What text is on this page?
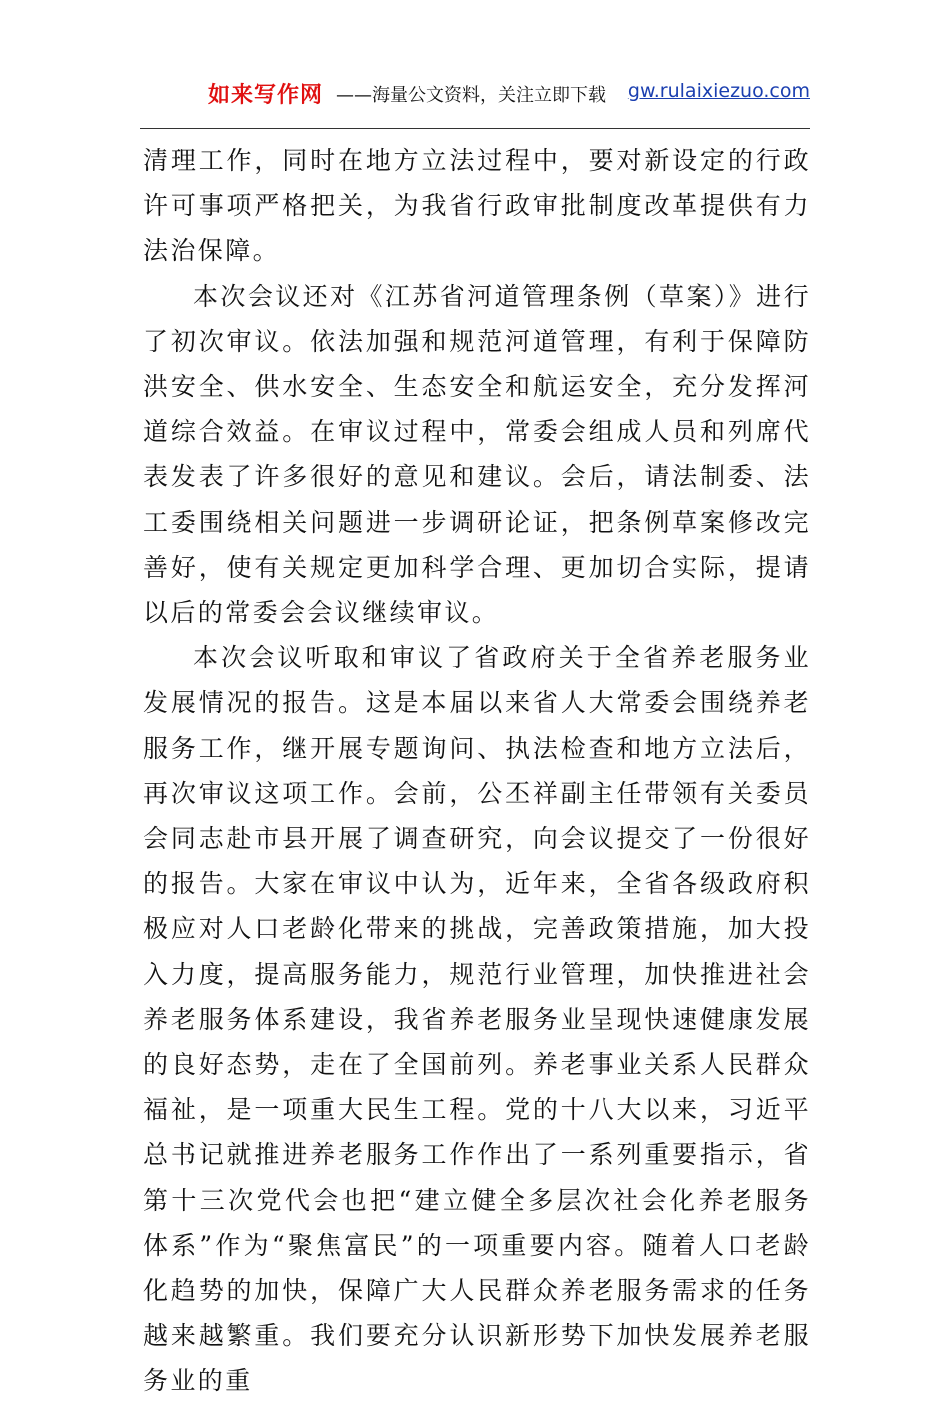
如来写作网 ——海量公文资料，关注立即下载 gw.rulaixiezuo.com

清理工作，同时在地方立法过程中，要对新设定的行政许可事项严格把关，为我省行政审批制度改革提供有力法治保障。

本次会议还对《江苏省河道管理条例（草案）》进行了初次审议。依法加强和规范河道管理，有利于保障防洪安全、供水安全、生态安全和航运安全，充分发挥河道综合效益。在审议过程中，常委会组成人员和列席代表发表了许多很好的意见和建议。会后，请法制委、法工委围绕相关问题进一步调研论证，把条例草案修改完善好，使有关规定更加科学合理、更加切合实际，提请以后的常委会会议继续审议。

本次会议听取和审议了省政府关于全省养老服务业发展情况的报告。这是本届以来省人大常委会围绕养老服务工作，继开展专题询问、执法检查和地方立法后，再次审议这项工作。会前，公丕祥副主任带领有关委员会同志赴市县开展了调查研究，向会议提交了一份很好的报告。大家在审议中认为，近年来，全省各级政府积极应对人口老龄化带来的挑战，完善政策措施，加大投入力度，提高服务能力，规范行业管理，加快推进社会养老服务体系建设，我省养老服务业呈现快速健康发展的良好态势，走在了全国前列。养老事业关系人民群众福祉，是一项重大民生工程。党的十八大以来，习近平总书记就推进养老服务工作作出了一系列重要指示，省第十三次党代会也把“建立健全多层次社会化养老服务体系”作为“聚焦富民”的一项重要内容。随着人口老龄化趋势的加快，保障广大人民群众养老服务需求的任务越来越繁重。我们要充分认识新形势下加快发展养老服务业的重
